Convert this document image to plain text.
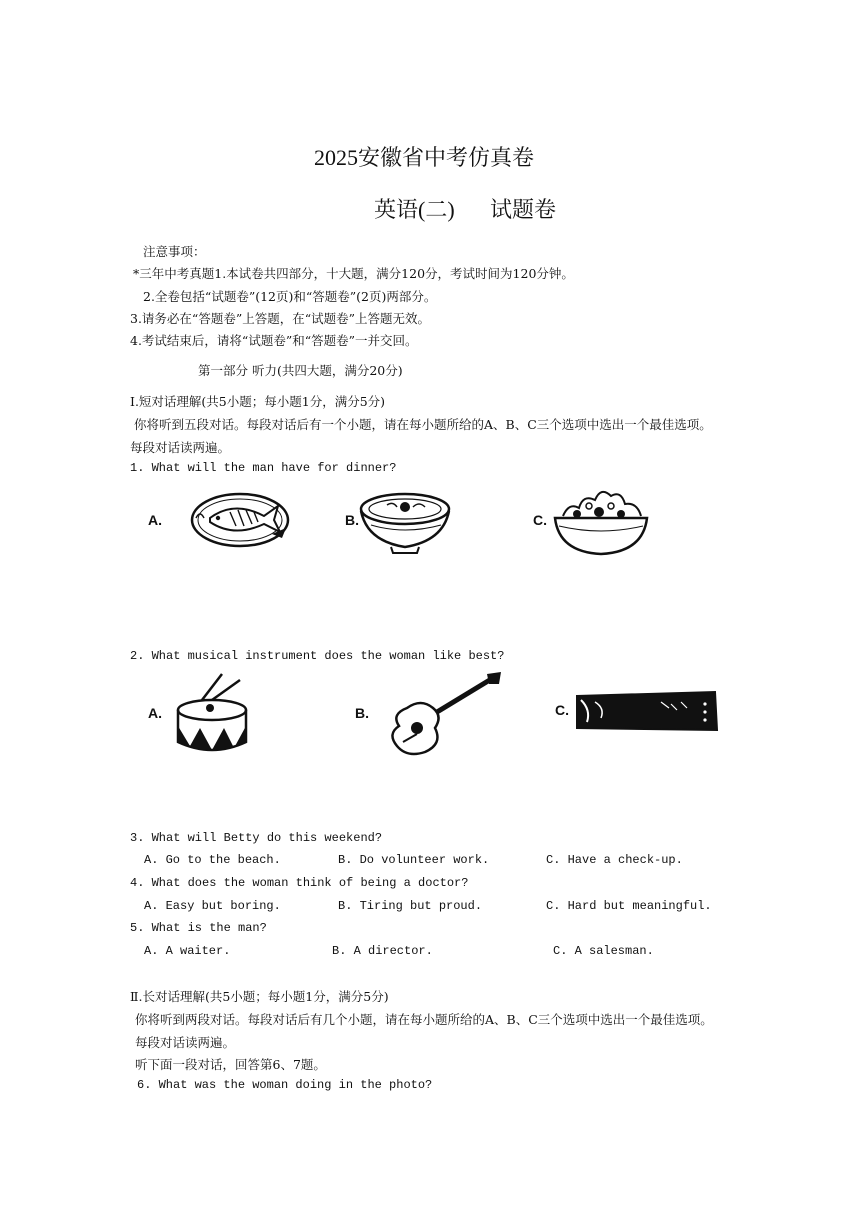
2025安徽省中考仿真卷
英语(二) 试题卷
注意事项：
*三年中考真题1.本试卷共四部分，十大题，满分120分，考试时间为120分钟。
2.全卷包括“试题卷”(12页)和“答题卷”(2页)两部分。
3.请务必在“答题卷”上答题，在“试题卷”上答题无效。
4.考试结束后，请将“试题卷”和“答题卷”一并交回。
第一部分 听力(共四大题，满分20分)
Ⅰ.短对话理解(共5小题；每小题1分，满分5分)
你将听到五段对话。每段对话后有一个小题，请在每小题所给的A、B、C三个选项中选出一个最佳选项。
每段对话读两遍。
1. What will the man have for dinner?
A.	B.	C.
2. What musical instrument does the woman like best?
A.	B.	C.
3. What will Betty do this weekend?
A. Go to the beach.	B. Do volunteer work.	C. Have a check-up.
4. What does the woman think of being a doctor?
A. Easy but boring.	B. Tiring but proud.	C. Hard but meaningful.
5. What is the man?
A. A waiter.	B. A director.	C. A salesman.
Ⅱ.长对话理解(共5小题；每小题1分，满分5分)
你将听到两段对话。每段对话后有几个小题，请在每小题所给的A、B、C三个选项中选出一个最佳选项。
每段对话读两遍。
听下面一段对话，回答第6、7题。
6. What was the woman doing in the photo?
